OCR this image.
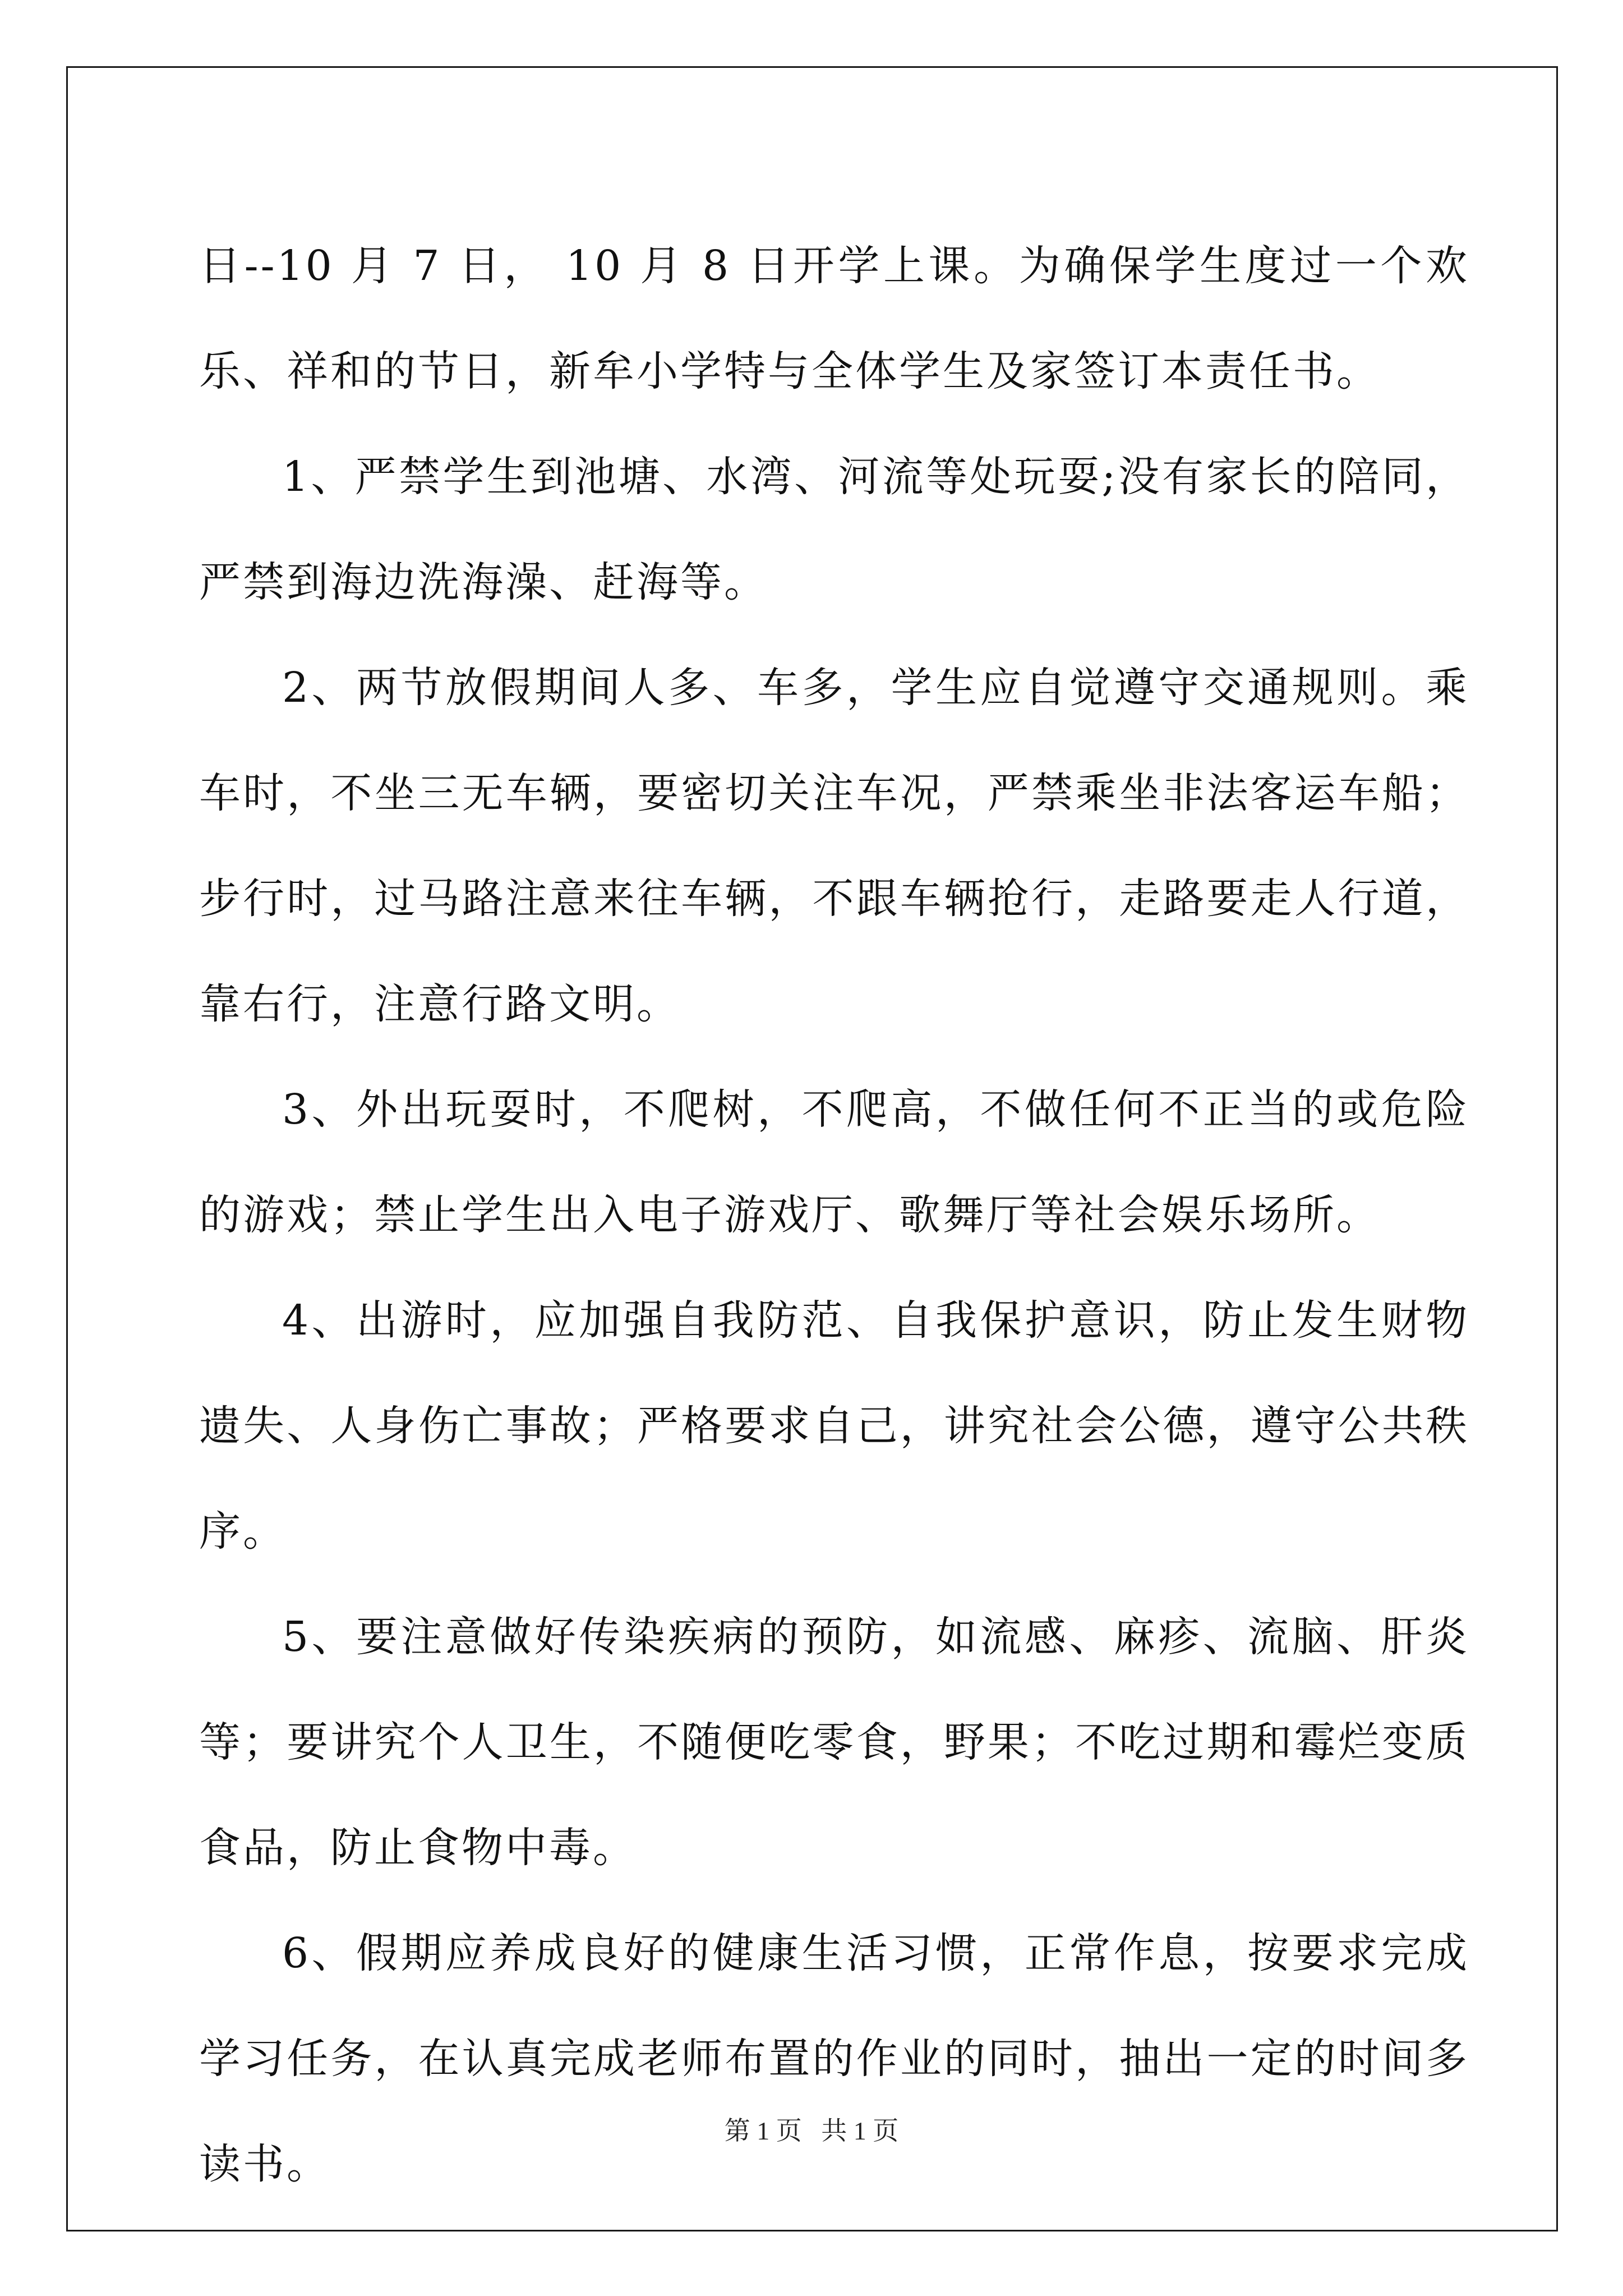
日--10 月 7 日， 10 月 8 日开学上课。为确保学生度过一个欢乐、祥和的节日，新牟小学特与全体学生及家签订本责任书。

1、严禁学生到池塘、水湾、河流等处玩耍;没有家长的陪同，严禁到海边洗海澡、赶海等。

2、两节放假期间人多、车多，学生应自觉遵守交通规则。乘车时，不坐三无车辆，要密切关注车况，严禁乘坐非法客运车船；步行时，过马路注意来往车辆，不跟车辆抢行，走路要走人行道，靠右行，注意行路文明。

3、外出玩耍时，不爬树，不爬高，不做任何不正当的或危险的游戏；禁止学生出入电子游戏厅、歌舞厅等社会娱乐场所。

4、出游时，应加强自我防范、自我保护意识，防止发生财物遗失、人身伤亡事故；严格要求自己，讲究社会公德，遵守公共秩序。

5、要注意做好传染疾病的预防，如流感、麻疹、流脑、肝炎等；要讲究个人卫生，不随便吃零食，野果；不吃过期和霉烂变质食品，防止食物中毒。

6、假期应养成良好的健康生活习惯，正常作息，按要求完成学习任务，在认真完成老师布置的作业的同时，抽出一定的时间多读书。

第 1 页   共 1 页
